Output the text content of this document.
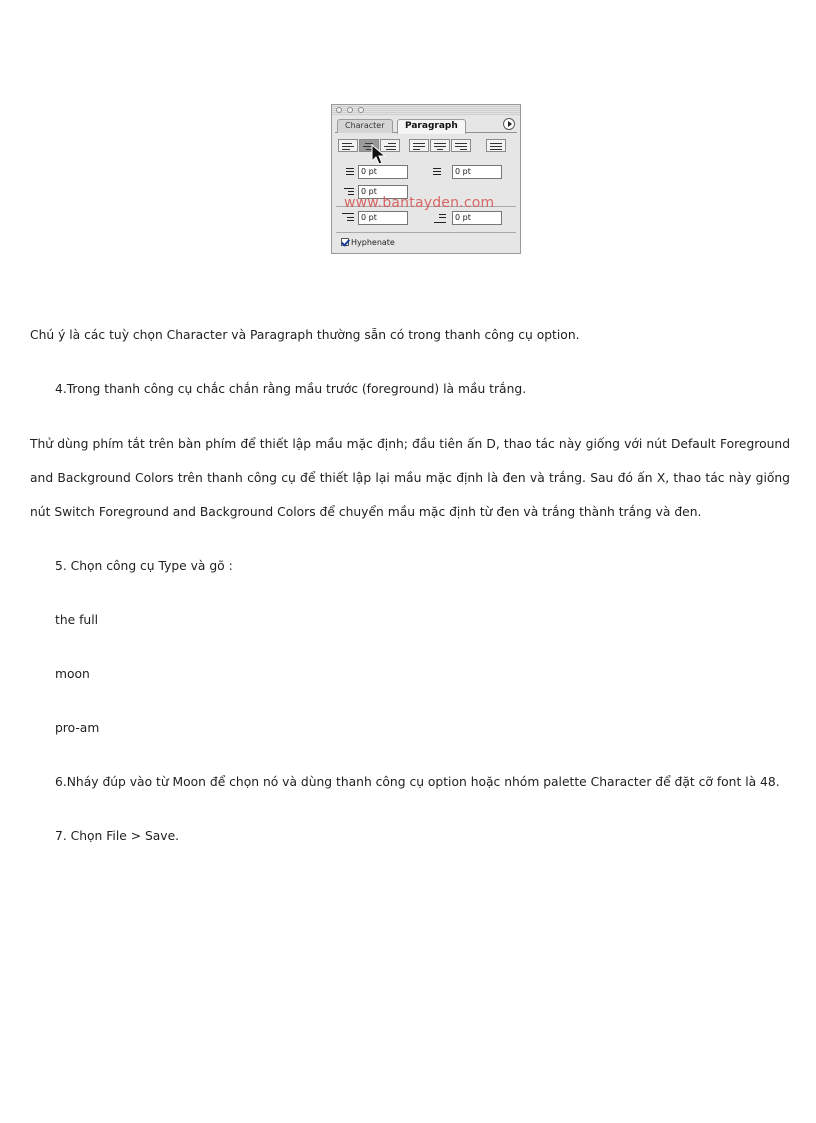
Character	Paragraph
0 pt	0 pt
0 pt
0 pt	0 pt
Hyphenate
www.bantayden.com

Chú ý là các tuỳ chọn Character và Paragraph thường sẵn có trong thanh công cụ option.

4.Trong thanh công cụ chắc chắn rằng mầu trước (foreground) là mầu trắng.

Thử dùng phím tắt trên bàn phím để thiết lập mầu mặc định; đầu tiên ấn D, thao tác này giống với nút Default Foreground and Background Colors trên thanh công cụ để thiết lập lại mầu mặc định là đen và trắng. Sau đó ấn X, thao tác này giống nút Switch Foreground and Background Colors để chuyển mầu mặc định từ đen và trắng thành trắng và đen.

5. Chọn công cụ Type và gõ :

the full

moon

pro-am

6.Nháy đúp vào từ Moon để chọn nó và dùng thanh công cụ option hoặc nhóm palette Character để đặt cỡ font là 48.

7. Chọn File > Save.
